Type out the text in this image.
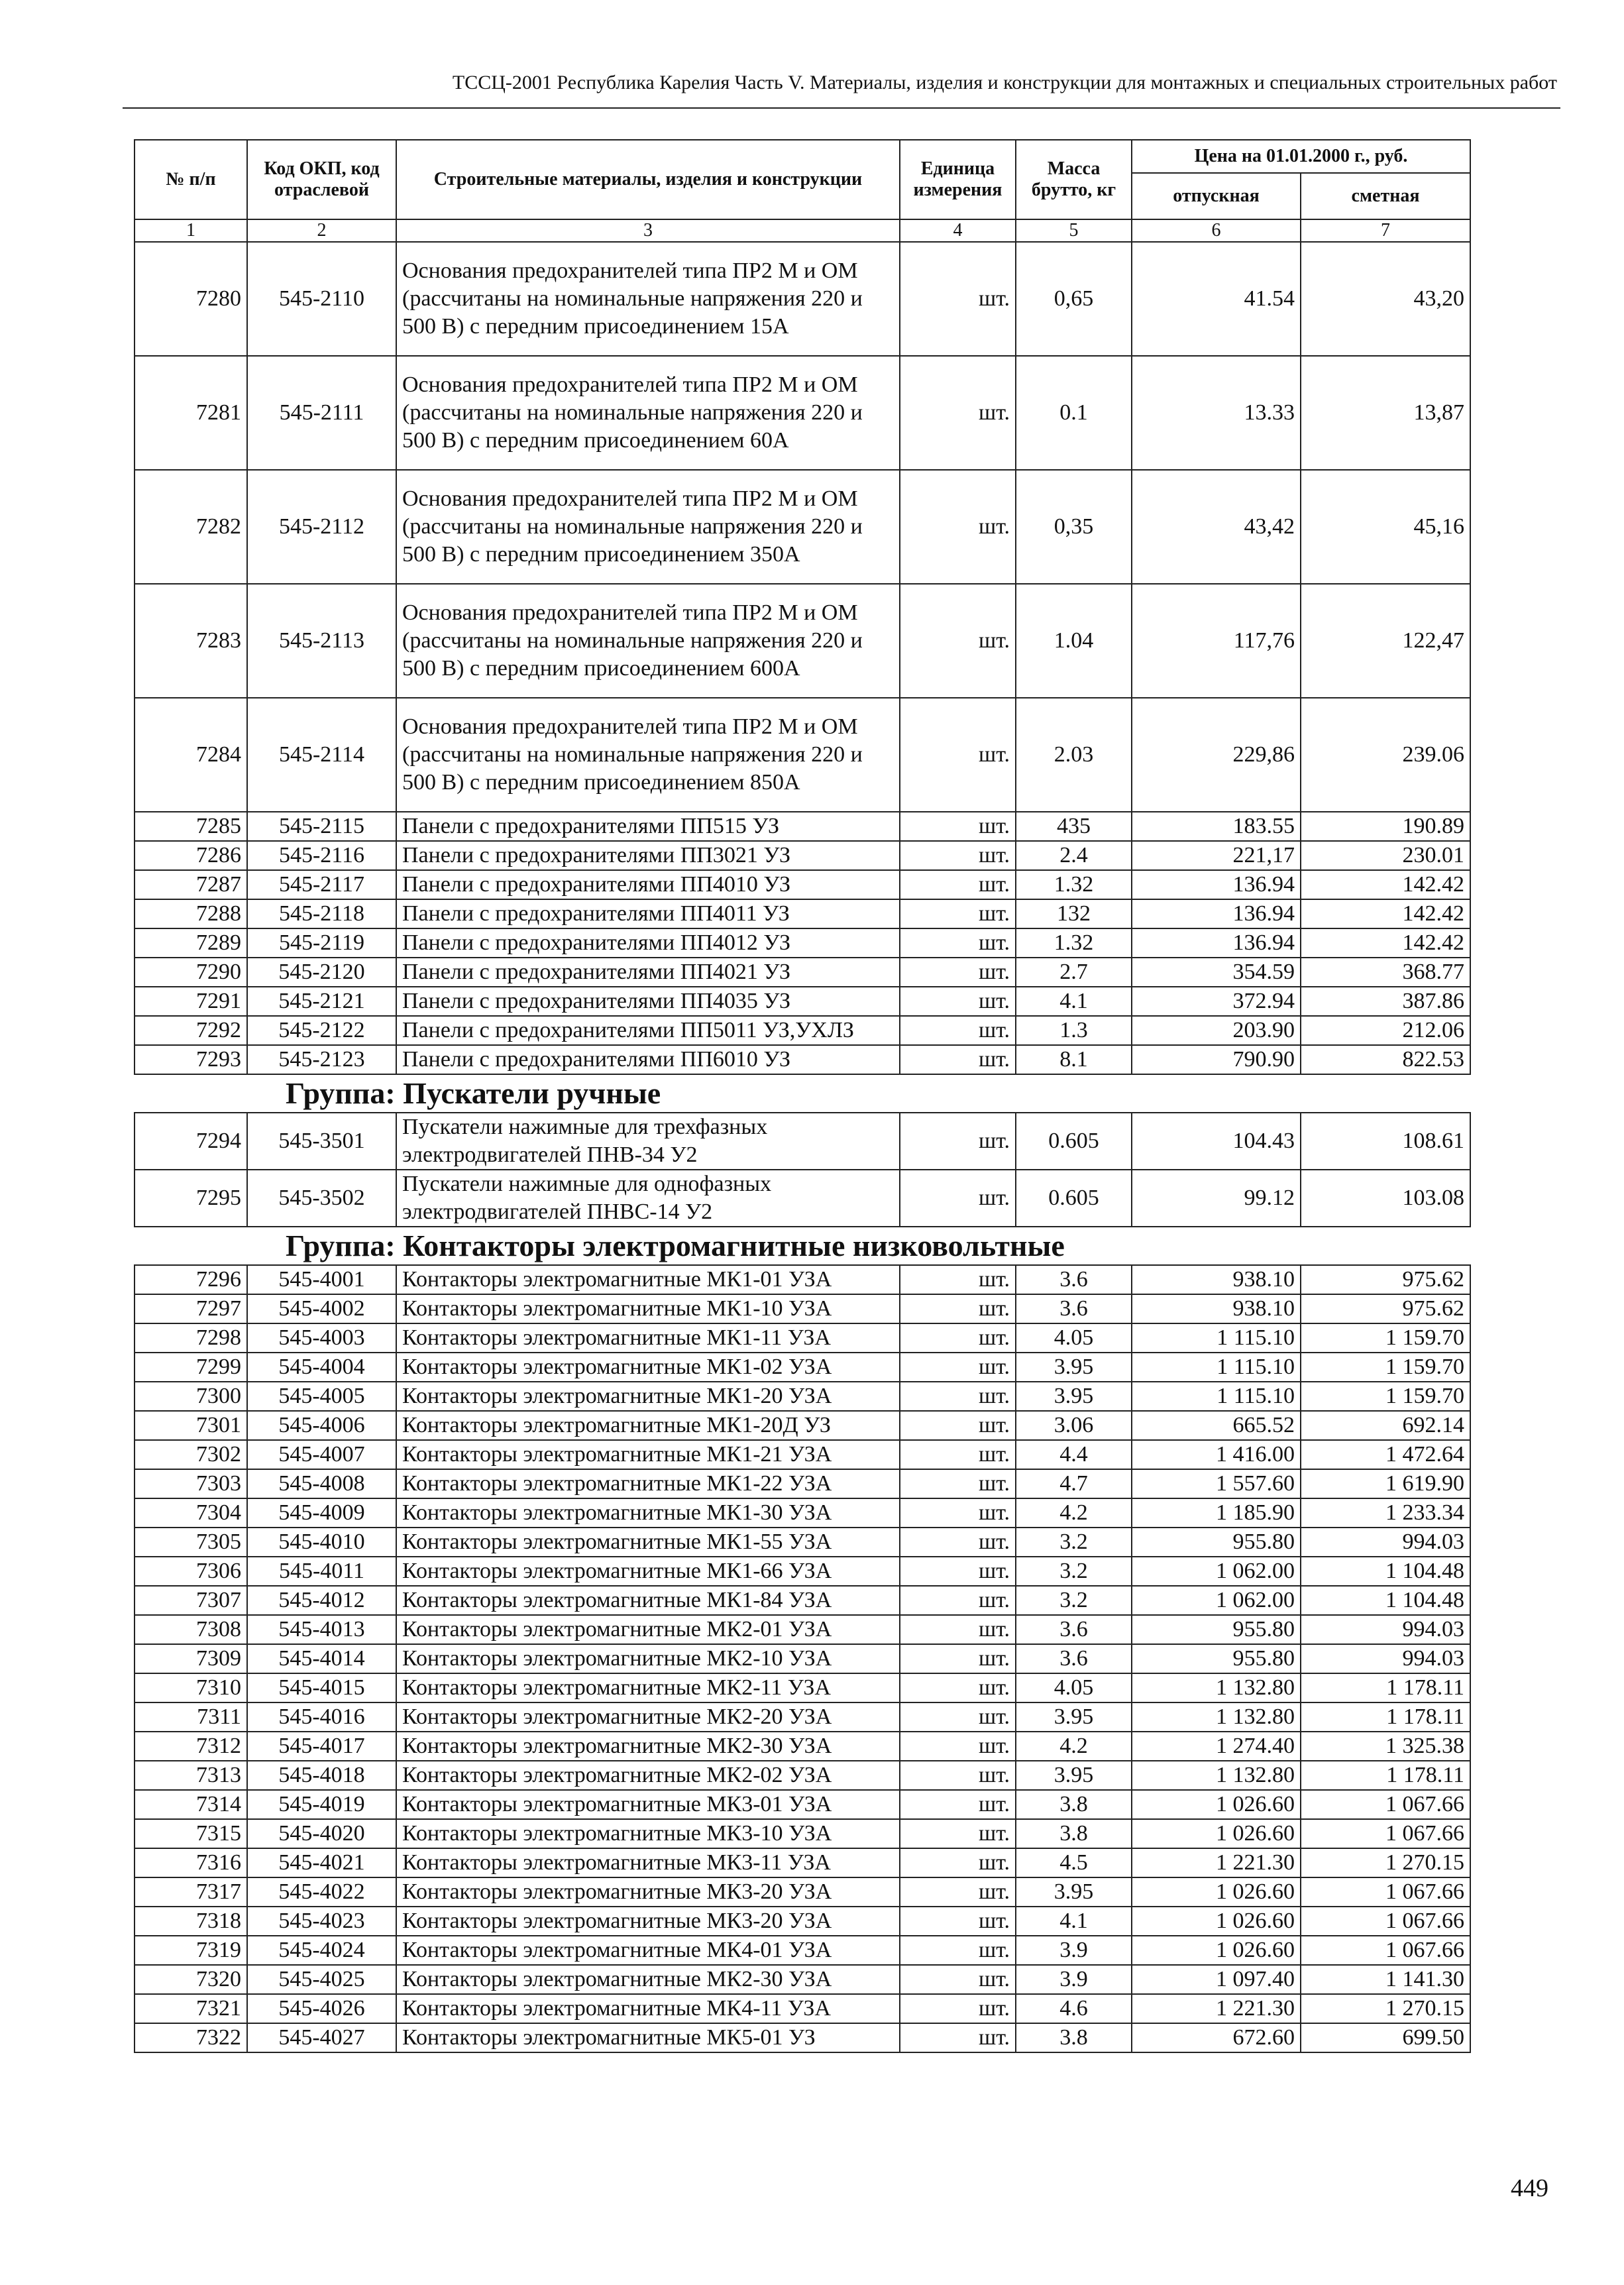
ТССЦ-2001 Республика Карелия Часть V. Материалы, изделия и конструкции для монтажных и специальных строительных работ
№ п/п	Код ОКП, код отраслевой	Строительные материалы, изделия и конструкции	Единица измерения	Масса брутто, кг	Цена на 01.01.2000 г., руб.	
					отпускная	сметная
1	2	3	4	5	6	7
7280	545-2110	Основания предохранителей типа ПР2 М и ОМ (рассчитаны на номинальные напряжения 220 и 500 В) с передним присоединением 15А	шт.	0,65	41.54	43,20
7281	545-2111	Основания предохранителей типа ПР2 М и ОМ (рассчитаны на номинальные напряжения 220 и 500 В) с передним присоединением 60А	шт.	0.1	13.33	13,87
7282	545-2112	Основания предохранителей типа ПР2 М и ОМ (рассчитаны на номинальные напряжения 220 и 500 В) с передним присоединением 350А	шт.	0,35	43,42	45,16
7283	545-2113	Основания предохранителей типа ПР2 М и ОМ (рассчитаны на номинальные напряжения 220 и 500 В) с передним присоединением 600А	шт.	1.04	117,76	122,47
7284	545-2114	Основания предохранителей типа ПР2 М и ОМ (рассчитаны на номинальные напряжения 220 и 500 В) с передним присоединением 850А	шт.	2.03	229,86	239.06
7285	545-2115	Панели с предохранителями ПП515 УЗ	шт.	435	183.55	190.89
7286	545-2116	Панели с предохранителями ПП3021 УЗ	шт.	2.4	221,17	230.01
7287	545-2117	Панели с предохранителями ПП4010 УЗ	шт.	1.32	136.94	142.42
7288	545-2118	Панели с предохранителями ПП4011 УЗ	шт.	132	136.94	142.42
7289	545-2119	Панели с предохранителями ПП4012 УЗ	шт.	1.32	136.94	142.42
7290	545-2120	Панели с предохранителями ПП4021 УЗ	шт.	2.7	354.59	368.77
7291	545-2121	Панели с предохранителями ПП4035 УЗ	шт.	4.1	372.94	387.86
7292	545-2122	Панели с предохранителями ПП5011 УЗ,УХЛЗ	шт.	1.3	203.90	212.06
7293	545-2123	Панели с предохранителями ПП6010 УЗ	шт.	8.1	790.90	822.53
Группа: Пускатели ручные						
7294	545-3501	Пускатели нажимные для трехфазных электродвигателей ПНВ-34 У2	шт.	0.605	104.43	108.61
7295	545-3502	Пускатели нажимные для однофазных электродвигателей ПНВС-14 У2	шт.	0.605	99.12	103.08
Группа: Контакторы электромагнитные низковольтные						
7296	545-4001	Контакторы электромагнитные МК1-01 УЗА	шт.	3.6	938.10	975.62
7297	545-4002	Контакторы электромагнитные МК1-10 УЗА	шт.	3.6	938.10	975.62
7298	545-4003	Контакторы электромагнитные МК1-11 УЗА	шт.	4.05	1 115.10	1 159.70
7299	545-4004	Контакторы электромагнитные МК1-02 УЗА	шт.	3.95	1 115.10	1 159.70
7300	545-4005	Контакторы электромагнитные МК1-20 УЗА	шт.	3.95	1 115.10	1 159.70
7301	545-4006	Контакторы электромагнитные МК1-20Д УЗ	шт.	3.06	665.52	692.14
7302	545-4007	Контакторы электромагнитные МК1-21 УЗА	шт.	4.4	1 416.00	1 472.64
7303	545-4008	Контакторы электромагнитные МК1-22 УЗА	шт.	4.7	1 557.60	1 619.90
7304	545-4009	Контакторы электромагнитные МК1-30 УЗА	шт.	4.2	1 185.90	1 233.34
7305	545-4010	Контакторы электромагнитные МК1-55 УЗА	шт.	3.2	955.80	994.03
7306	545-4011	Контакторы электромагнитные МК1-66 УЗА	шт.	3.2	1 062.00	1 104.48
7307	545-4012	Контакторы электромагнитные МК1-84 УЗА	шт.	3.2	1 062.00	1 104.48
7308	545-4013	Контакторы электромагнитные МК2-01 УЗА	шт.	3.6	955.80	994.03
7309	545-4014	Контакторы электромагнитные МК2-10 УЗА	шт.	3.6	955.80	994.03
7310	545-4015	Контакторы электромагнитные МК2-11 УЗА	шт.	4.05	1 132.80	1 178.11
7311	545-4016	Контакторы электромагнитные МК2-20 УЗА	шт.	3.95	1 132.80	1 178.11
7312	545-4017	Контакторы электромагнитные МК2-30 УЗА	шт.	4.2	1 274.40	1 325.38
7313	545-4018	Контакторы электромагнитные МК2-02 УЗА	шт.	3.95	1 132.80	1 178.11
7314	545-4019	Контакторы электромагнитные МК3-01 УЗА	шт.	3.8	1 026.60	1 067.66
7315	545-4020	Контакторы электромагнитные МК3-10 УЗА	шт.	3.8	1 026.60	1 067.66
7316	545-4021	Контакторы электромагнитные МК3-11 УЗА	шт.	4.5	1 221.30	1 270.15
7317	545-4022	Контакторы электромагнитные МК3-20 УЗА	шт.	3.95	1 026.60	1 067.66
7318	545-4023	Контакторы электромагнитные МК3-20 УЗА	шт.	4.1	1 026.60	1 067.66
7319	545-4024	Контакторы электромагнитные МК4-01 УЗА	шт.	3.9	1 026.60	1 067.66
7320	545-4025	Контакторы электромагнитные МК2-30 УЗА	шт.	3.9	1 097.40	1 141.30
7321	545-4026	Контакторы электромагнитные МК4-11 УЗА	шт.	4.6	1 221.30	1 270.15
7322	545-4027	Контакторы электромагнитные МК5-01 УЗ	шт.	3.8	672.60	699.50
449
